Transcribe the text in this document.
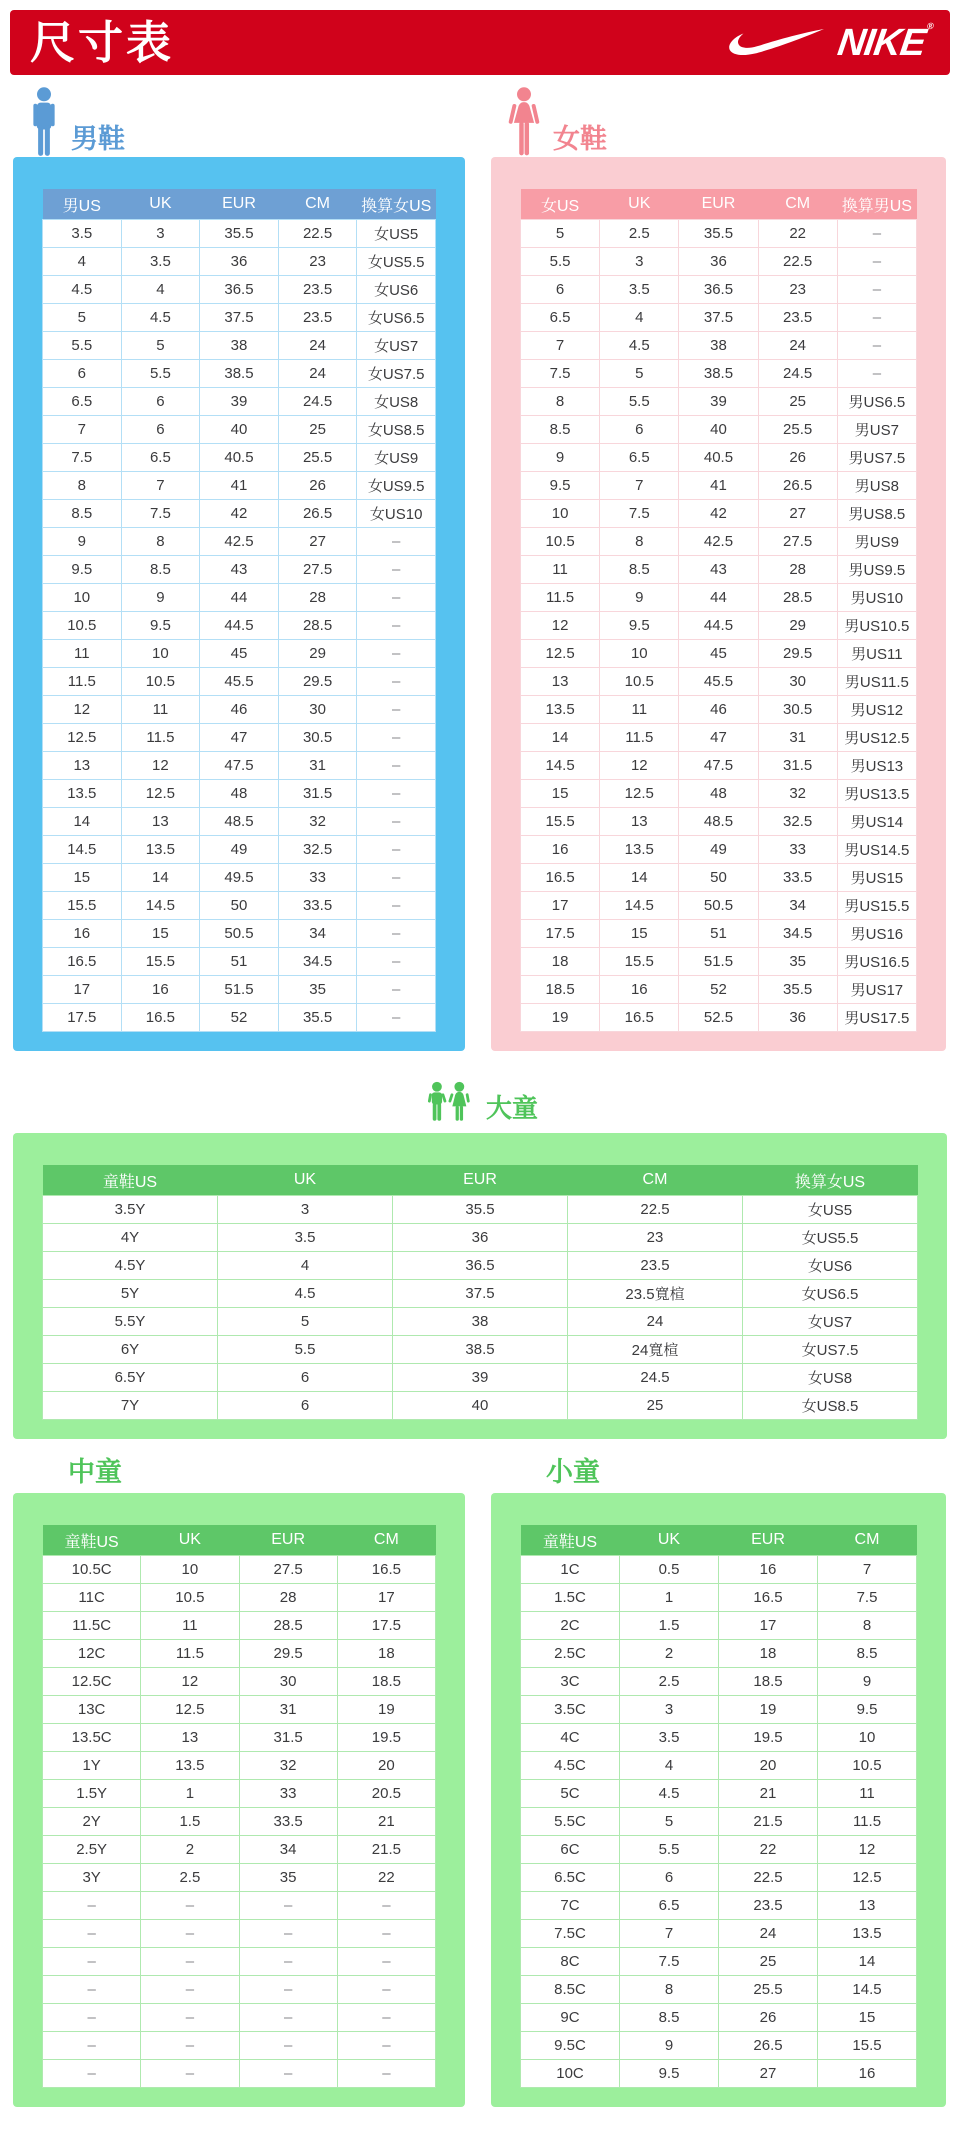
尺寸表	NIKE®
男鞋
男US	UK	EUR	CM	換算女US
3.5	3	35.5	22.5	女US5
4	3.5	36	23	女US5.5
4.5	4	36.5	23.5	女US6
5	4.5	37.5	23.5	女US6.5
5.5	5	38	24	女US7
6	5.5	38.5	24	女US7.5
6.5	6	39	24.5	女US8
7	6	40	25	女US8.5
7.5	6.5	40.5	25.5	女US9
8	7	41	26	女US9.5
8.5	7.5	42	26.5	女US10
9	8	42.5	27	–
9.5	8.5	43	27.5	–
10	9	44	28	–
10.5	9.5	44.5	28.5	–
11	10	45	29	–
11.5	10.5	45.5	29.5	–
12	11	46	30	–
12.5	11.5	47	30.5	–
13	12	47.5	31	–
13.5	12.5	48	31.5	–
14	13	48.5	32	–
14.5	13.5	49	32.5	–
15	14	49.5	33	–
15.5	14.5	50	33.5	–
16	15	50.5	34	–
16.5	15.5	51	34.5	–
17	16	51.5	35	–
17.5	16.5	52	35.5	–
女鞋
女US	UK	EUR	CM	換算男US
5	2.5	35.5	22	–
5.5	3	36	22.5	–
6	3.5	36.5	23	–
6.5	4	37.5	23.5	–
7	4.5	38	24	–
7.5	5	38.5	24.5	–
8	5.5	39	25	男US6.5
8.5	6	40	25.5	男US7
9	6.5	40.5	26	男US7.5
9.5	7	41	26.5	男US8
10	7.5	42	27	男US8.5
10.5	8	42.5	27.5	男US9
11	8.5	43	28	男US9.5
11.5	9	44	28.5	男US10
12	9.5	44.5	29	男US10.5
12.5	10	45	29.5	男US11
13	10.5	45.5	30	男US11.5
13.5	11	46	30.5	男US12
14	11.5	47	31	男US12.5
14.5	12	47.5	31.5	男US13
15	12.5	48	32	男US13.5
15.5	13	48.5	32.5	男US14
16	13.5	49	33	男US14.5
16.5	14	50	33.5	男US15
17	14.5	50.5	34	男US15.5
17.5	15	51	34.5	男US16
18	15.5	51.5	35	男US16.5
18.5	16	52	35.5	男US17
19	16.5	52.5	36	男US17.5
大童
童鞋US	UK	EUR	CM	換算女US
3.5Y	3	35.5	22.5	女US5
4Y	3.5	36	23	女US5.5
4.5Y	4	36.5	23.5	女US6
5Y	4.5	37.5	23.5寬楦	女US6.5
5.5Y	5	38	24	女US7
6Y	5.5	38.5	24寬楦	女US7.5
6.5Y	6	39	24.5	女US8
7Y	6	40	25	女US8.5
中童
童鞋US	UK	EUR	CM
10.5C	10	27.5	16.5
11C	10.5	28	17
11.5C	11	28.5	17.5
12C	11.5	29.5	18
12.5C	12	30	18.5
13C	12.5	31	19
13.5C	13	31.5	19.5
1Y	13.5	32	20
1.5Y	1	33	20.5
2Y	1.5	33.5	21
2.5Y	2	34	21.5
3Y	2.5	35	22
–	–	–	–
–	–	–	–
–	–	–	–
–	–	–	–
–	–	–	–
–	–	–	–
–	–	–	–
小童
童鞋US	UK	EUR	CM
1C	0.5	16	7
1.5C	1	16.5	7.5
2C	1.5	17	8
2.5C	2	18	8.5
3C	2.5	18.5	9
3.5C	3	19	9.5
4C	3.5	19.5	10
4.5C	4	20	10.5
5C	4.5	21	11
5.5C	5	21.5	11.5
6C	5.5	22	12
6.5C	6	22.5	12.5
7C	6.5	23.5	13
7.5C	7	24	13.5
8C	7.5	25	14
8.5C	8	25.5	14.5
9C	8.5	26	15
9.5C	9	26.5	15.5
10C	9.5	27	16
